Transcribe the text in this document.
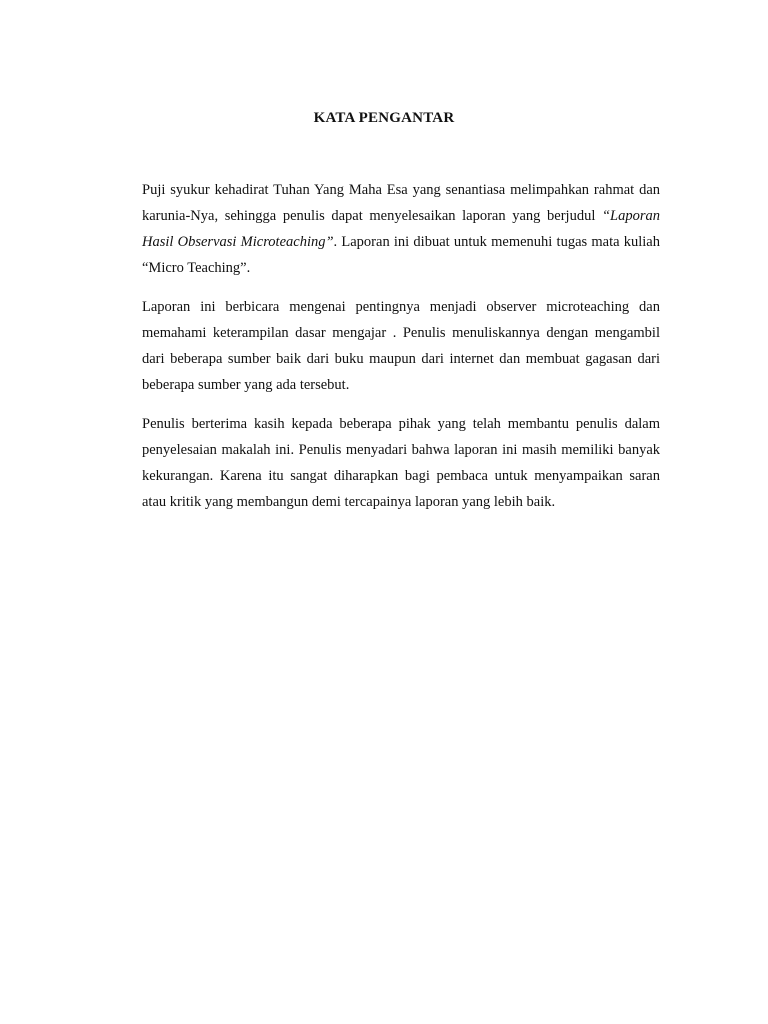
KATA PENGANTAR

Puji syukur kehadirat Tuhan Yang Maha Esa yang senantiasa melimpahkan rahmat dan karunia-Nya, sehingga penulis dapat menyelesaikan laporan yang berjudul “Laporan Hasil Observasi Microteaching”. Laporan ini dibuat untuk memenuhi tugas mata kuliah “Micro Teaching”.

Laporan ini berbicara mengenai pentingnya menjadi observer microteaching dan memahami keterampilan dasar mengajar . Penulis menuliskannya dengan mengambil dari beberapa sumber baik dari buku maupun dari internet dan membuat gagasan dari beberapa sumber yang ada tersebut.

Penulis berterima kasih kepada beberapa pihak yang telah membantu penulis dalam penyelesaian makalah ini. Penulis menyadari bahwa laporan ini masih memiliki banyak kekurangan. Karena itu sangat diharapkan bagi pembaca untuk menyampaikan saran atau kritik yang membangun demi tercapainya laporan yang lebih baik.
